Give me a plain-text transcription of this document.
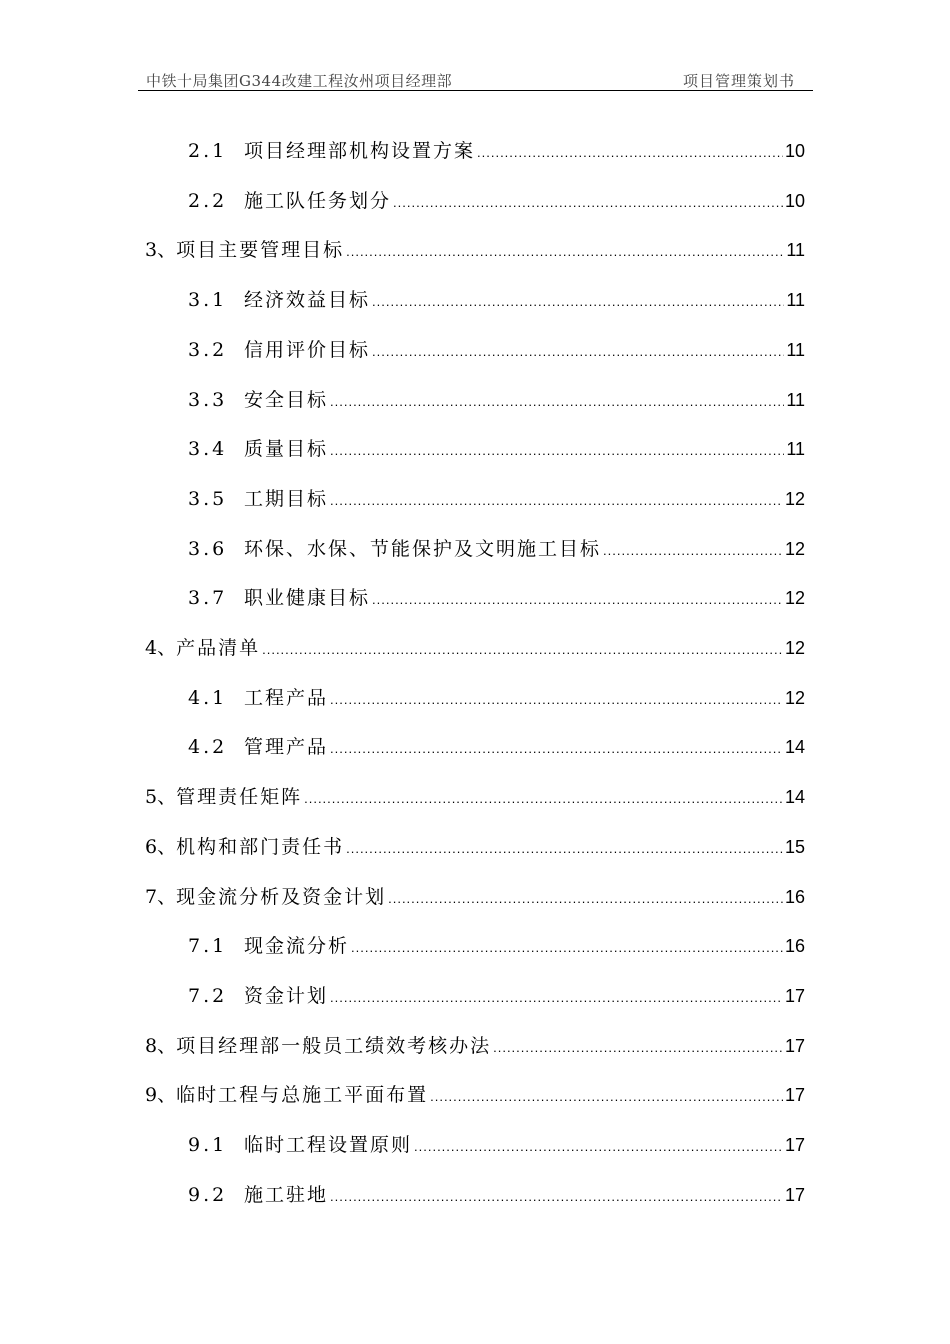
中铁十局集团G344改建工程汝州项目经理部	项目管理策划书
2.1 项目经理部机构设置方案 .....	10
2.2 施工队任务划分 .....	10
3、 项目主要管理目标 .....	11
3.1 经济效益目标 .....	11
3.2 信用评价目标 .....	11
3.3 安全目标 .....	11
3.4 质量目标 .....	11
3.5 工期目标 .....	12
3.6 环保、水保、节能保护及文明施工目标 .....	12
3.7 职业健康目标 .....	12
4、 产品清单 .....	12
4.1 工程产品 .....	12
4.2 管理产品 .....	14
5、 管理责任矩阵 .....	14
6、 机构和部门责任书 .....	15
7、 现金流分析及资金计划 .....	16
7.1 现金流分析 .....	16
7.2 资金计划 .....	17
8、 项目经理部一般员工绩效考核办法 .....	17
9、 临时工程与总施工平面布置 .....	17
9.1 临时工程设置原则 .....	17
9.2 施工驻地 .....	17
